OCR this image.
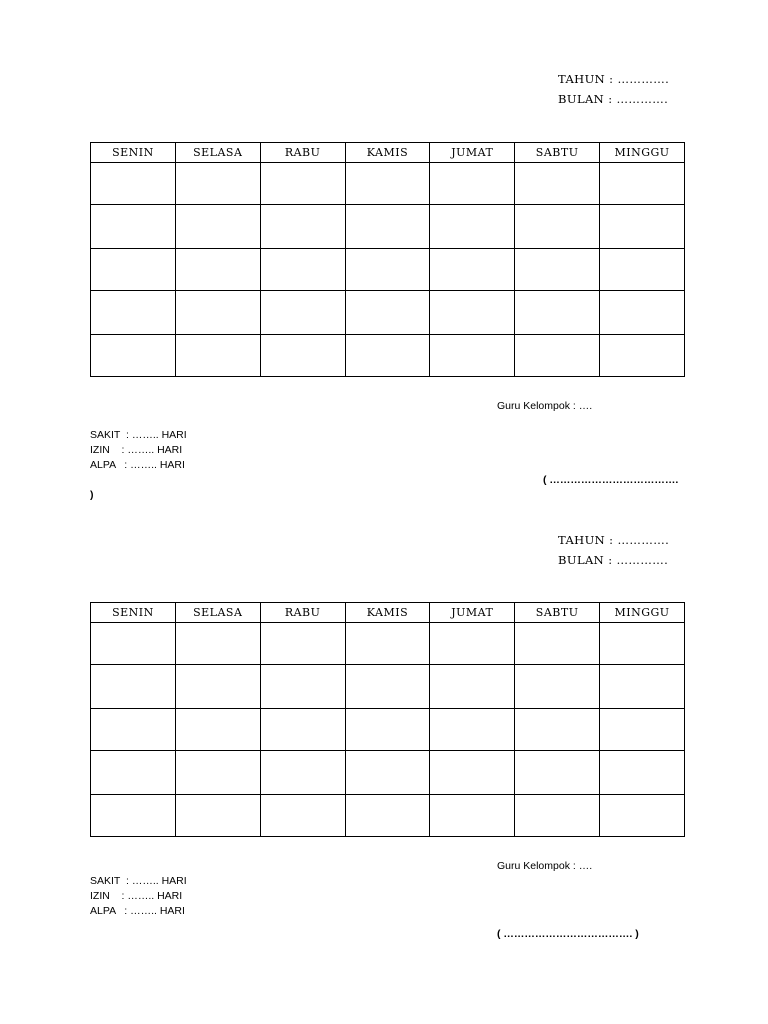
TAHUN : ………….
BULAN : ………….
SENIN	SELASA	RABU	KAMIS	JUMAT	SABTU	MINGGU

Guru Kelompok : ….
SAKIT  : …….. HARI
IZIN    : …….. HARI
ALPA   : …….. HARI
( ……………………………….
)
TAHUN : ………….
BULAN : ………….
SENIN	SELASA	RABU	KAMIS	JUMAT	SABTU	MINGGU

Guru Kelompok : ….
SAKIT  : …….. HARI
IZIN    : …….. HARI
ALPA   : …….. HARI
( ………………………………. )
